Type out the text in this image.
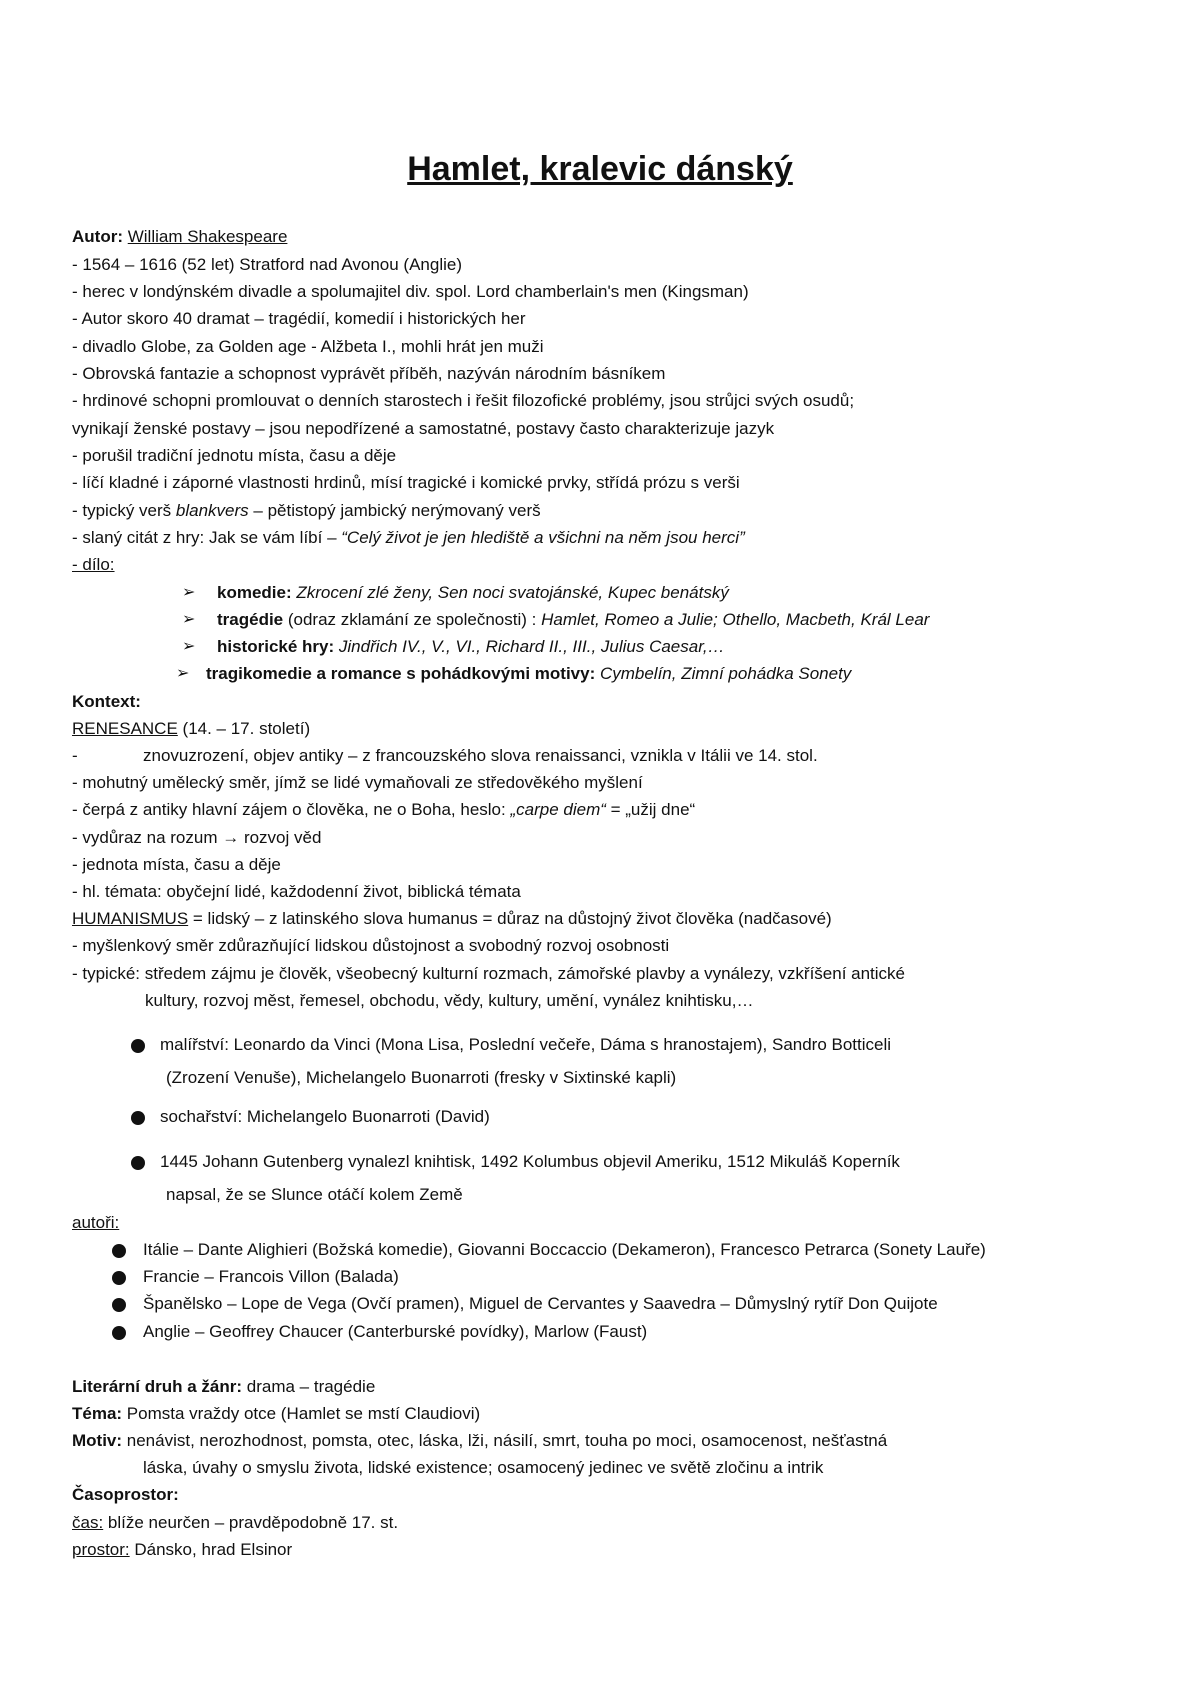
Hamlet, kralevic dánský
Autor: William Shakespeare
- 1564 – 1616 (52 let) Stratford nad Avonou (Anglie)
- herec v londýnském divadle a spolumajitel div. spol. Lord chamberlain's men (Kingsman)
- Autor skoro 40 dramat – tragédií, komedií i historických her
- divadlo Globe, za Golden age - Alžbeta I., mohli hrát jen muži
- Obrovská fantazie a schopnost vyprávět příběh, nazýván národním básníkem
- hrdinové schopni promlouvat o denních starostech i řešit filozofické problémy, jsou strůjci svých osudů;
vynikají ženské postavy – jsou nepodřízené a samostatné, postavy často charakterizuje jazyk
- porušil tradiční jednotu místa, času a děje
- líčí kladné i záporné vlastnosti hrdinů, mísí tragické i komické prvky, střídá prózu s verši
- typický verš blankvers – pětistopý jambický nerýmovaný verš
- slaný citát z hry: Jak se vám líbí – “Celý život je jen hlediště a všichni na něm jsou herci”
- dílo:
➢ komedie: Zkrocení zlé ženy, Sen noci svatojánské, Kupec benátský
➢ tragédie (odraz zklamání ze společnosti) : Hamlet, Romeo a Julie; Othello, Macbeth, Král Lear
➢ historické hry: Jindřich IV., V., VI., Richard II., III., Julius Caesar,…
➢ tragikomedie a romance s pohádkovými motivy: Cymbelín, Zimní pohádka Sonety
Kontext:
RENESANCE (14. – 17. století)
-	znovuzrození, objev antiky – z francouzského slova renaissanci, vznikla v Itálii ve 14. stol.
- mohutný umělecký směr, jímž se lidé vymaňovali ze středověkého myšlení
- čerpá z antiky hlavní zájem o člověka, ne o Boha, heslo: „carpe diem“ = „užij dne“
- vydůraz na rozum → rozvoj věd
- jednota místa, času a děje
- hl. témata: obyčejní lidé, každodenní život, biblická témata
HUMANISMUS = lidský – z latinského slova humanus = důraz na důstojný život člověka (nadčasové)
- myšlenkový směr zdůrazňující lidskou důstojnost a svobodný rozvoj osobnosti
- typické: středem zájmu je člověk, všeobecný kulturní rozmach, zámořské plavby a vynálezy, vzkříšení antické
kultury, rozvoj měst, řemesel, obchodu, vědy, kultury, umění, vynález knihtisku,…
malířství: Leonardo da Vinci (Mona Lisa, Poslední večeře, Dáma s hranostajem), Sandro Botticeli
(Zrození Venuše), Michelangelo Buonarroti (fresky v Sixtinské kapli)
sochařství: Michelangelo Buonarroti (David)
1445 Johann Gutenberg vynalezl knihtisk, 1492 Kolumbus objevil Ameriku, 1512 Mikuláš Koperník
napsal, že se Slunce otáčí kolem Země
autoři:
Itálie – Dante Alighieri (Božská komedie), Giovanni Boccaccio (Dekameron), Francesco Petrarca (Sonety Lauře)
Francie – Francois Villon (Balada)
Španělsko – Lope de Vega (Ovčí pramen), Miguel de Cervantes y Saavedra – Důmyslný rytíř Don Quijote
Anglie – Geoffrey Chaucer (Canterburské povídky), Marlow (Faust)
Literární druh a žánr: drama – tragédie
Téma: Pomsta vraždy otce (Hamlet se mstí Claudiovi)
Motiv: nenávist, nerozhodnost, pomsta, otec, láska, lži, násilí, smrt, touha po moci, osamocenost, nešťastná
láska, úvahy o smyslu života, lidské existence; osamocený jedinec ve světě zločinu a intrik
Časoprostor:
čas: blíže neurčen – pravděpodobně 17. st.
prostor: Dánsko, hrad Elsinor
